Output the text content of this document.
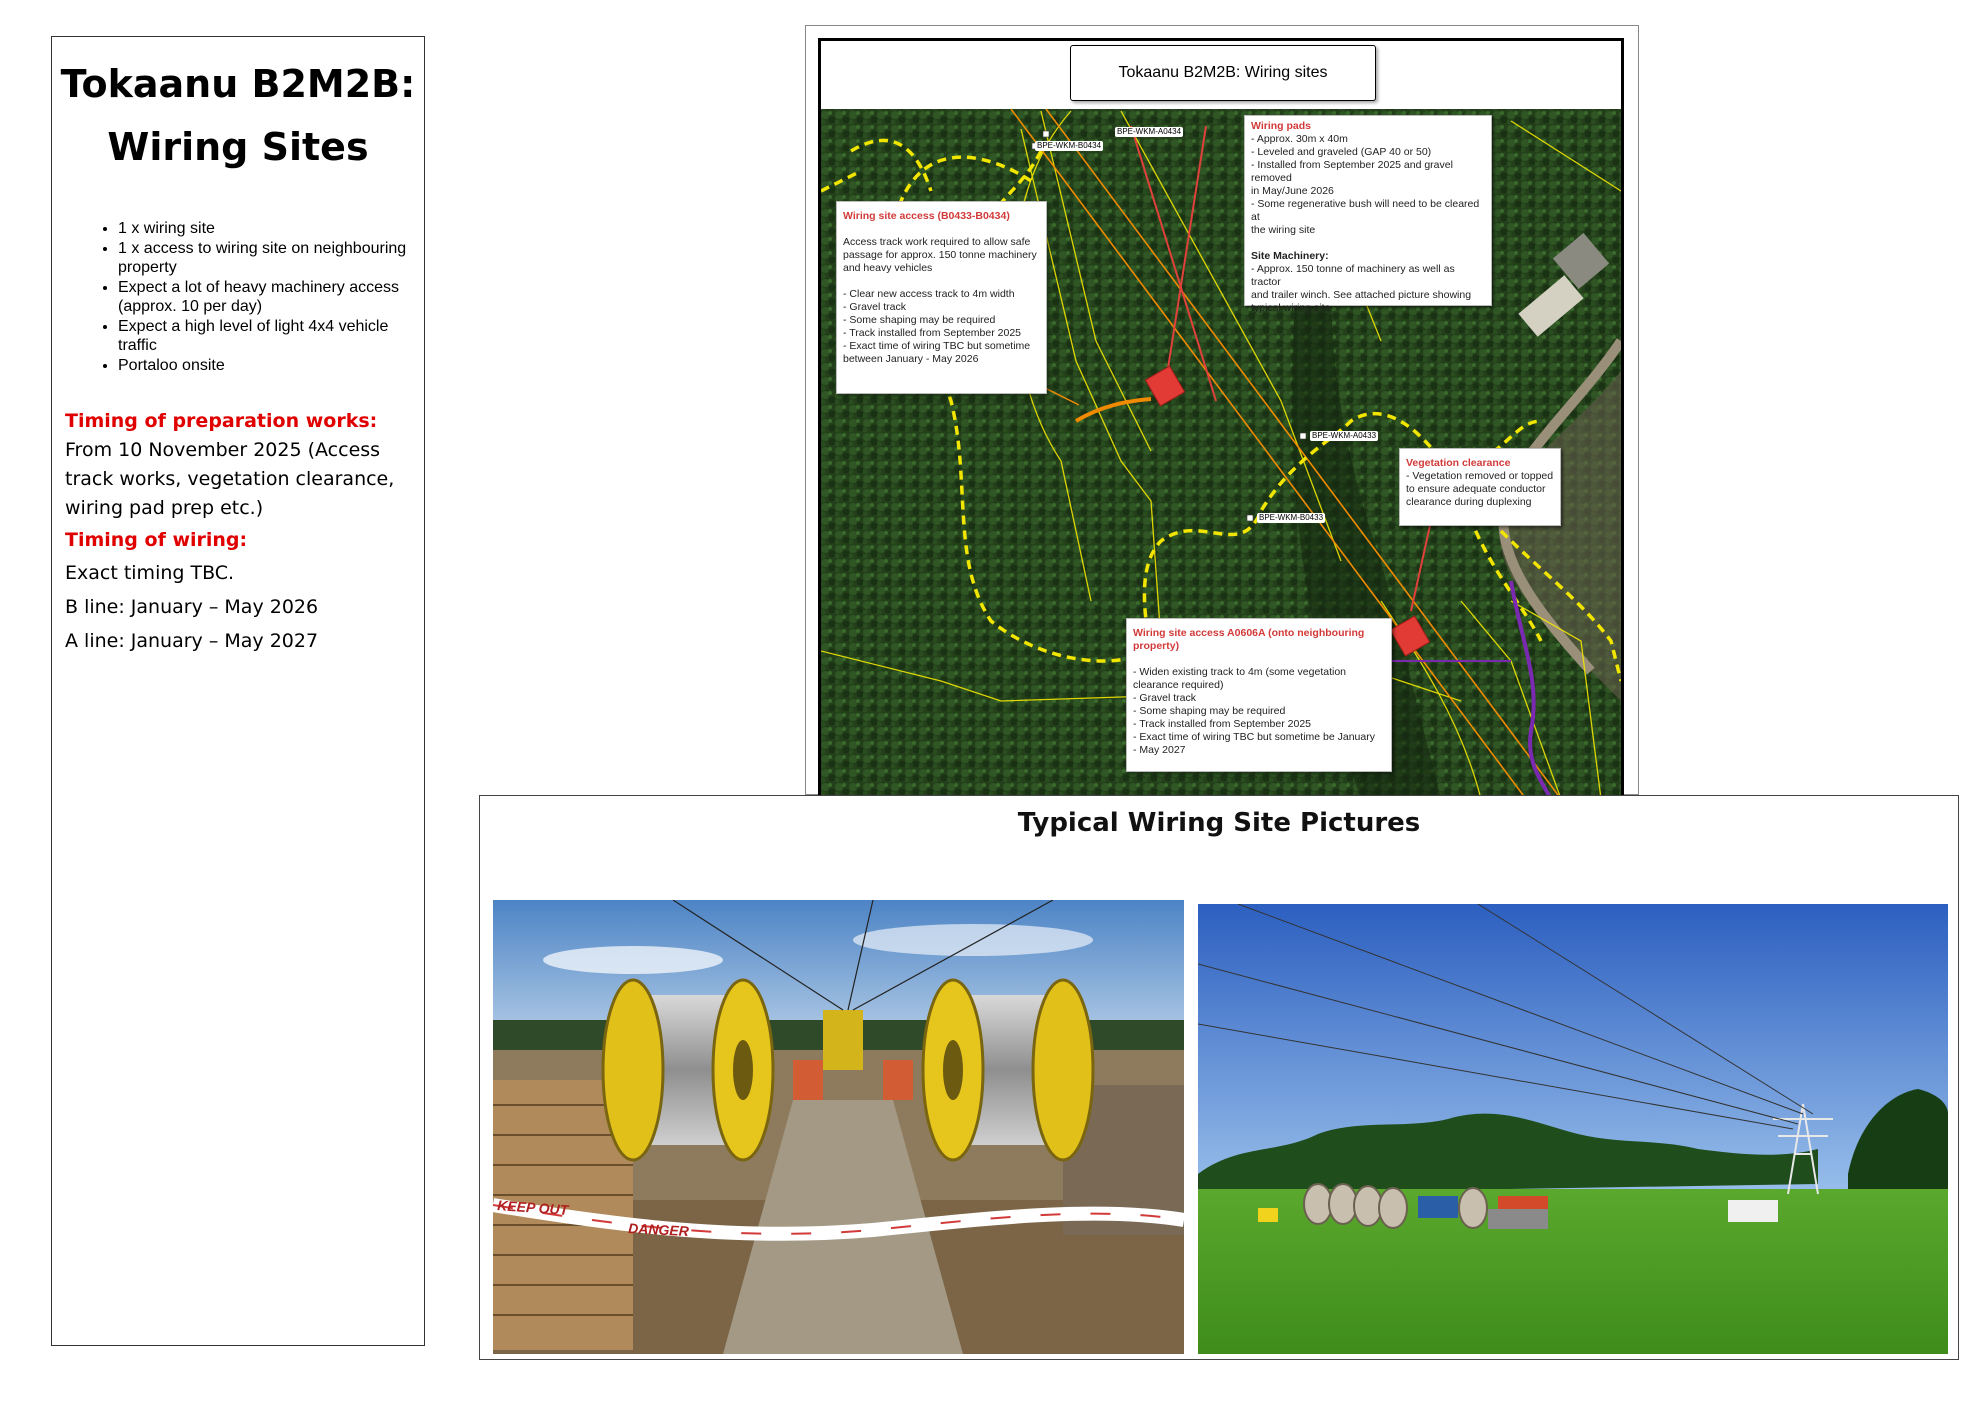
Tokaanu B2M2B:
Wiring Sites
• 1 x wiring site
• 1 x access to wiring site on neighbouring property
• Expect a lot of heavy machinery access (approx. 10 per day)
• Expect a high level of light 4x4 vehicle traffic
• Portaloo onsite
Timing of preparation works:
From 10 November 2025 (Access track works, vegetation clearance, wiring pad prep etc.)
Timing of wiring:
Exact timing TBC.
B line: January – May 2026
A line: January – May 2027
Tokaanu B2M2B: Wiring sites
BPE-WKM-A0434
BPE-WKM-B0434
BPE-WKM-A0433
BPE-WKM-B0433
Wiring site access (B0433-B0434)
Access track work required to allow safe
passage for approx. 150 tonne machinery
and heavy vehicles
- Clear new access track to 4m width
- Gravel track
- Some shaping may be required
- Track installed from September 2025
- Exact time of wiring TBC but sometime
between January - May 2026
Wiring pads
- Approx. 30m x 40m
- Leveled and graveled (GAP 40 or 50)
- Installed from September 2025 and gravel removed
in May/June 2026
- Some regenerative bush will need to be cleared at
the wiring site
Site Machinery:
- Approx. 150 tonne of machinery as well as tractor
and trailer winch. See attached picture showing
typical wiring site
Vegetation clearance
- Vegetation removed or topped
to ensure adequate conductor
clearance during duplexing
Wiring site access A0606A (onto neighbouring
property)
- Widen existing track to 4m (some vegetation
clearance required)
- Gravel track
- Some shaping may be required
- Track installed from September 2025
- Exact time of wiring TBC but sometime be January
- May 2027
Typical Wiring Site Pictures
KEEP OUT
DANGER
